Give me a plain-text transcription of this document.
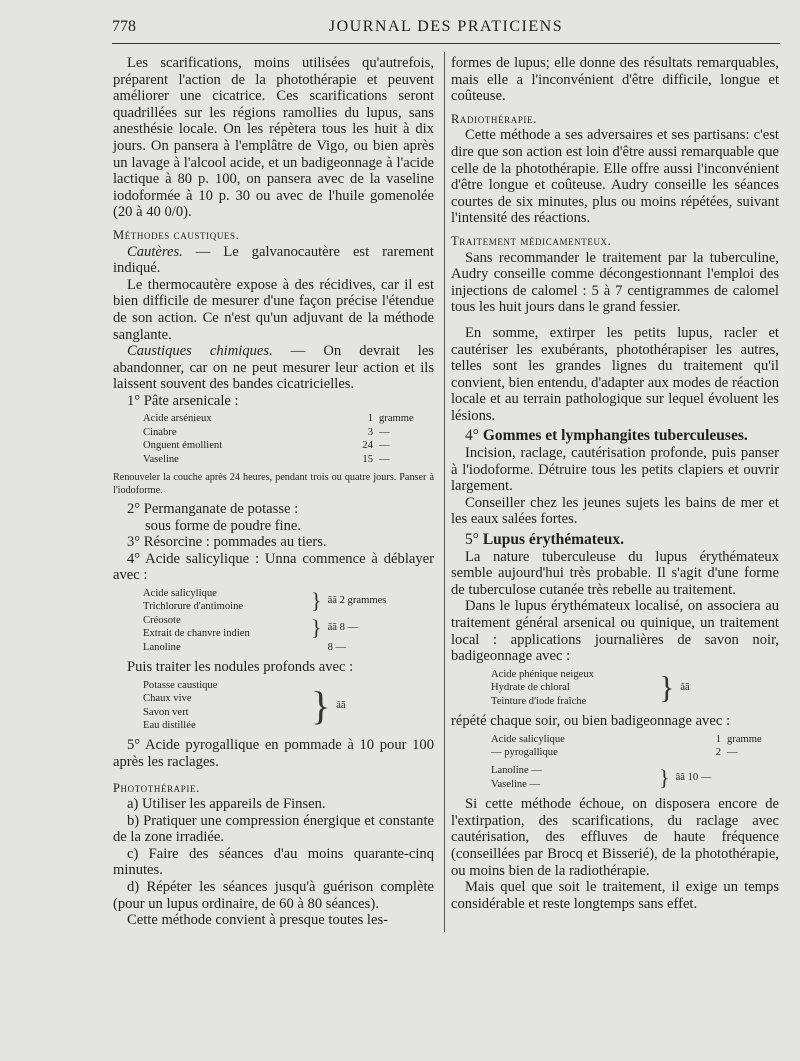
778	JOURNAL DES PRATICIENS

Les scarifications, moins utilisées qu'autrefois, préparent l'action de la photothérapie et peuvent améliorer une cicatrice. Ces scarifications seront quadrillées sur les régions ramollies du lupus, sans anesthésie locale. On les répètera tous les huit à dix jours. On pansera à l'emplâtre de Vigo, ou bien après un lavage à l'alcool acide, et un badigeonnage à l'acide lactique à 80 p. 100, on pansera avec de la vaseline iodoformée à 10 p. 30 ou avec de l'huile gomenolée (20 à 40 0/0).

Méthodes caustiques.

Cautères. — Le galvanocautère est rarement indiqué.

Le thermocautère expose à des récidives, car il est bien difficile de mesurer d'une façon précise l'étendue de son action. Ce n'est qu'un adjuvant de la méthode sanglante.

Caustiques chimiques. — On devrait les abandonner, car on ne peut mesurer leur action et ils laissent souvent des bandes cicatricielles.

1° Pâte arsenicale :

Acide arsénieux	1	gramme
Cinabre	3	—
Onguent émollient	24	—
Vaseline	15	—

Renouveler la couche après 24 heures, pendant trois ou quatre jours. Panser à l'iodoforme.

2° Permanganate de potasse :

sous forme de poudre fine.

3° Résorcine : pommades au tiers.

4° Acide salicylique : Unna commence à déblayer avec :

Acide salicylique	}	ãã 2 grammes
Trichlorure d'antimoine		
Créosote	}	ãã 8 —
Extrait de chanvre indien		
Lanoline		8 —

Puis traiter les nodules profonds avec :

Potasse caustique	}	ãã
Chaux vive
Savon vert
Eau distillée

5° Acide pyrogallique en pommade à 10 pour 100 après les raclages.

Photothérapie.

a) Utiliser les appareils de Finsen.

b) Pratiquer une compression énergique et constante de la zone irradiée.

c) Faire des séances d'au moins quarante-cinq minutes.

d) Répéter les séances jusqu'à guérison complète (pour un lupus ordinaire, de 60 à 80 séances).

Cette méthode convient à presque toutes les-

formes de lupus; elle donne des résultats remarquables, mais elle a l'inconvénient d'être difficile, longue et coûteuse.

Radiothérapie.

Cette méthode a ses adversaires et ses partisans: c'est dire que son action est loin d'être aussi remarquable que celle de la photothérapie. Elle offre aussi l'inconvénient d'être longue et coûteuse. Audry conseille les séances courtes de six minutes, plus ou moins répétées, suivant l'intensité des réactions.

Traitement médicamenteux.

Sans recommander le traitement par la tuberculine, Audry conseille comme décongestionnant l'emploi des injections de calomel : 5 à 7 centigrammes de calomel tous les huit jours dans le grand fessier.

En somme, extirper les petits lupus, racler et cautériser les exubérants, photothérapiser les autres, telles sont les grandes lignes du traitement qu'il convient, bien entendu, d'adapter aux modes de réaction locale et au terrain pathologique sur lequel évoluent les lésions.

4° Gommes et lymphangites tuberculeuses.

Incision, raclage, cautérisation profonde, puis panser à l'iodoforme. Détruire tous les petits clapiers et ouvrir largement.

Conseiller chez les jeunes sujets les bains de mer et les eaux salées fortes.

5° Lupus érythémateux.

La nature tuberculeuse du lupus érythémateux semble aujourd'hui très probable. Il s'agit d'une forme de tuberculose cutanée très rebelle au traitement.

Dans le lupus érythémateux localisé, on associera au traitement général arsenical ou quinique, un traitement local : applications journalières de savon noir, badigeonnage avec :

Acide phénique neigeux	}	ãã
Hydrate de chloral
Teinture d'iode fraîche

répété chaque soir, ou bien badigeonnage avec :

Acide salicylique	1	gramme
— pyrogallique	2	—
Lanoline —	}	ãã 10 —
Vaseline —

Si cette méthode échoue, on disposera encore de l'extirpation, des scarifications, du raclage avec cautérisation, des effluves de haute fréquence (conseillées par Brocq et Bisserié), de la photothérapie, ou moins bien de la radiothérapie.

Mais quel que soit le traitement, il exige un temps considérable et reste longtemps sans effet.
